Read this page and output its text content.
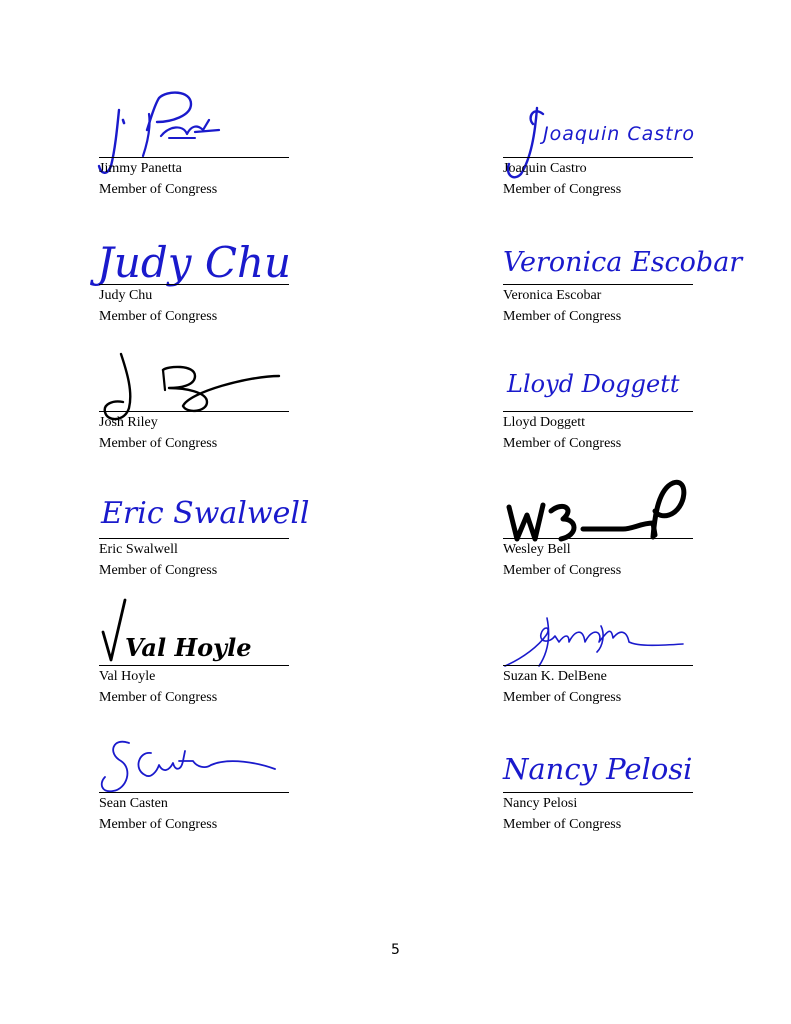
Jimmy Panetta
Member of Congress
Joaquin Castro
Joaquin Castro
Member of Congress
Judy Chu
Judy Chu
Member of Congress
Veronica Escobar
Veronica Escobar
Member of Congress
Josh Riley
Member of Congress
Lloyd Doggett
Lloyd Doggett
Member of Congress
Eric Swalwell
Eric Swalwell
Member of Congress
Wesley Bell
Member of Congress
Val Hoyle
Val Hoyle
Member of Congress
Suzan K. DelBene
Member of Congress
Sean Casten
Member of Congress
Nancy Pelosi
Nancy Pelosi
Member of Congress
5
